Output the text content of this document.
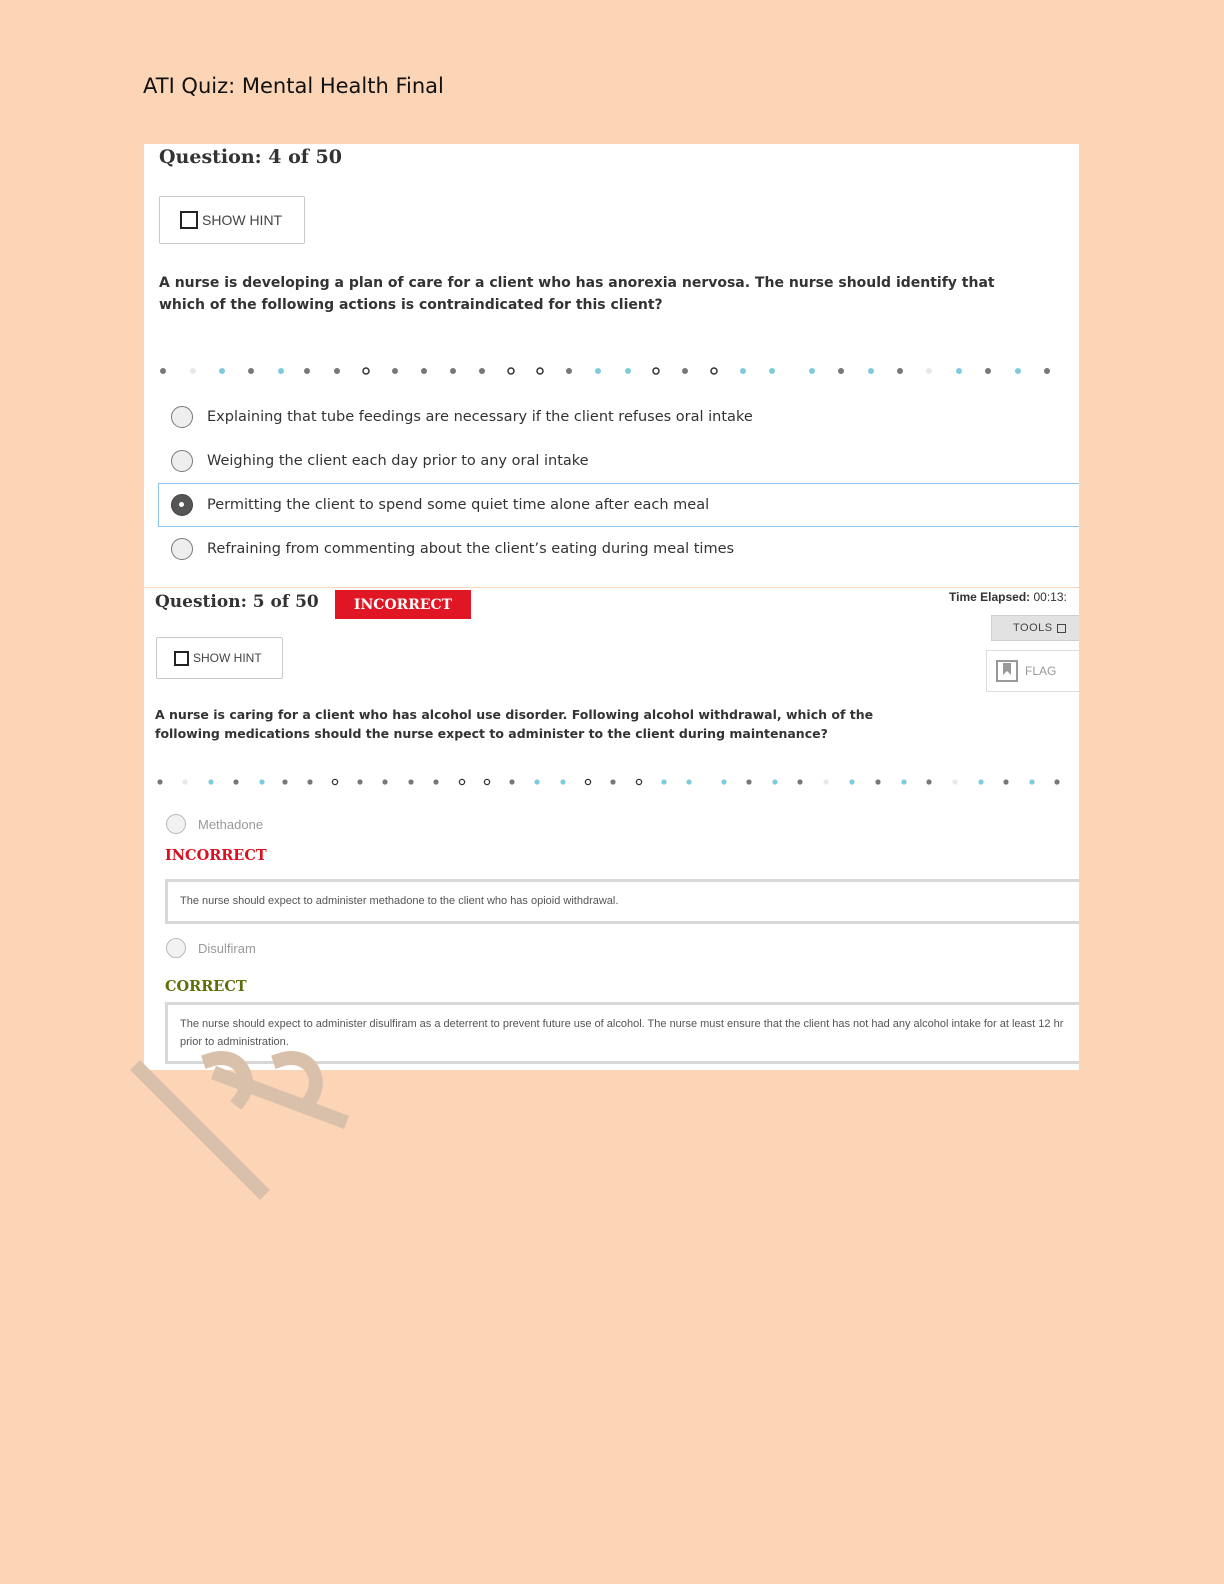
ATI Quiz: Mental Health Final
Question: 4 of 50
SHOW HINT
A nurse is developing a plan of care for a client who has anorexia nervosa. The nurse should identify that which of the following actions is contraindicated for this client?
Explaining that tube feedings are necessary if the client refuses oral intake
Weighing the client each day prior to any oral intake
Permitting the client to spend some quiet time alone after each meal
Refraining from commenting about the client’s eating during meal times
Question: 5 of 50	INCORRECT	Time Elapsed: 00:13:
TOOLS
FLAG
SHOW HINT
A nurse is caring for a client who has alcohol use disorder. Following alcohol withdrawal, which of the following medications should the nurse expect to administer to the client during maintenance?
Methadone
INCORRECT
The nurse should expect to administer methadone to the client who has opioid withdrawal.
Disulfiram
CORRECT
The nurse should expect to administer disulfiram as a deterrent to prevent future use of alcohol. The nurse must ensure that the client has not had any alcohol intake for at least 12 hr prior to administration.
